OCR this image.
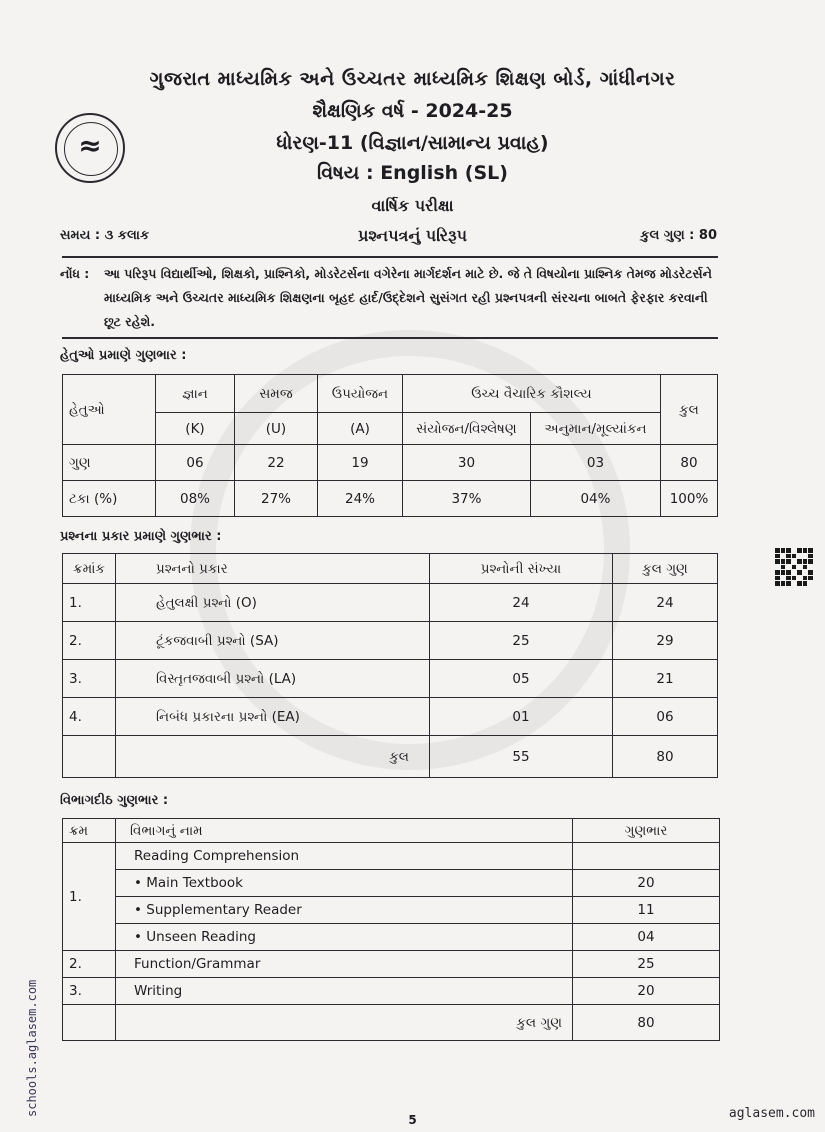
≈
ગુજરાત માધ્યમિક અને ઉચ્ચતર માધ્યમિક શિક્ષણ બોર્ડ, ગાંધીનગર
શૈક્ષણિક વર્ષ - 2024-25
ધોરણ-11 (વિજ્ઞાન/સામાન્ય પ્રવાહ)
વિષય : English (SL)
વાર્ષિક પરીક્ષા
સમય : ૩ કલાક	પ્રશ્નપત્રનું પરિરૂપ	કુલ ગુણ : 80
નોંધ : આ પરિરૂપ વિદ્યાર્થીઓ, શિક્ષકો, પ્રાશ્નિકો, મોડરેટર્સના વગેરેના માર્ગદર્શન માટે છે. જે તે વિષયોના પ્રાશ્નિક તેમજ મોડરેટર્સને માધ્યમિક અને ઉચ્ચતર માધ્યમિક શિક્ષણના બૃહદ હાર્દ/ઉદ્દેશને સુસંગત રહી પ્રશ્નપત્રની સંરચના બાબતે ફેરફાર કરવાની છૂટ રહેશે.
હેતુઓ પ્રમાણે ગુણભાર :
હેતુઓ	જ્ઞાન	સમજ	ઉપયોજન	ઉચ્ચ વૈચારિક કૌશલ્ય		કુલ
	(K)	(U)	(A)	સંયોજન/વિશ્લેષણ	અનુમાન/મૂલ્યાંકન	
ગુણ	06	22	19	30	03	80
ટકા (%)	08%	27%	24%	37%	04%	100%
પ્રશ્નના પ્રકાર પ્રમાણે ગુણભાર :
ક્રમાંક	પ્રશ્નનો પ્રકાર	પ્રશ્નોની સંખ્યા	કુલ ગુણ
1.	હેતુલક્ષી પ્રશ્નો (O)	24	24
2.	ટૂંકજવાબી પ્રશ્નો (SA)	25	29
3.	વિસ્તૃતજવાબી પ્રશ્નો (LA)	05	21
4.	નિબંધ પ્રકારના પ્રશ્નો (EA)	01	06
	કુલ	55	80
વિભાગદીઠ ગુણભાર :
ક્રમ	વિભાગનું નામ	ગુણભાર
1.	Reading Comprehension	
	• Main Textbook	20
	• Supplementary Reader	11
	• Unseen Reading	04
2.	Function/Grammar	25
3.	Writing	20
	કુલ ગુણ	80
schools.aglasem.com
5	aglasem.com
